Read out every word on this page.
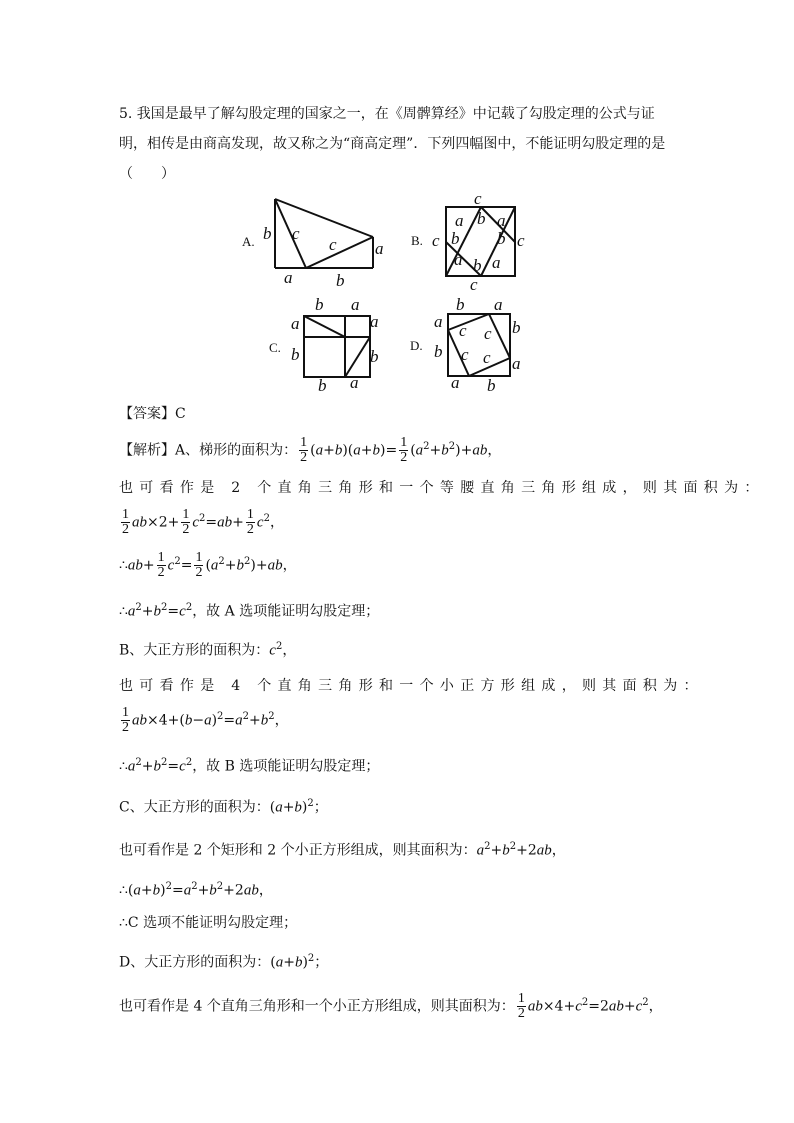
5. 我国是最早了解勾股定理的国家之一，在《周髀算经》中记载了勾股定理的公式与证
明，相传是由商高发现，故又称之为“商高定理”．下列四幅图中，不能证明勾股定理的是
（　　）
A. b c
c a
a	b
B.
c
a b a
c b b c
a b a
c
C.
b a
a	a
b	b
b a
D.
b a
a	b
c c
c c
b
a
a b
【答案】C
【解析】A、梯形的面积为： $\frac{1}{2} (a+b)(a+b)= \frac{1}{2} (a^2+b^2)+ab$，
也可看作是 2 个直角三角形和一个等腰直角三角形组成，则其面积为：
$\frac{1}{2} ab\times 2+ \frac{1}{2} c^2=ab+ \frac{1}{2} c^2$，
∴ab+ $\frac{1}{2} c^2= \frac{1}{2} (a^2+b^2)+ab$，
$\therefore a^2+b^2=c^2$，故 A 选项能证明勾股定理；
B、大正方形的面积为：$c^2$，
也可看作是 4 个直角三角形和一个小正方形组成，则其面积为：
$\frac{1}{2} ab\times 4+(b-a)^2=a^2+b^2$，
$\therefore a^2+b^2=c^2$，故 B 选项能证明勾股定理；
C、大正方形的面积为：$(a+b)^2$；
也可看作是 2 个矩形和 2 个小正方形组成，则其面积为：$a^2+b^2+2ab$，
$\therefore(a+b)^2=a^2+b^2+2ab$，
∴C 选项不能证明勾股定理；
D、大正方形的面积为：$(a+b)^2$；
也可看作是 4 个直角三角形和一个小正方形组成，则其面积为： $\frac{1}{2} ab\times 4+c^2=2ab+c^2$，
